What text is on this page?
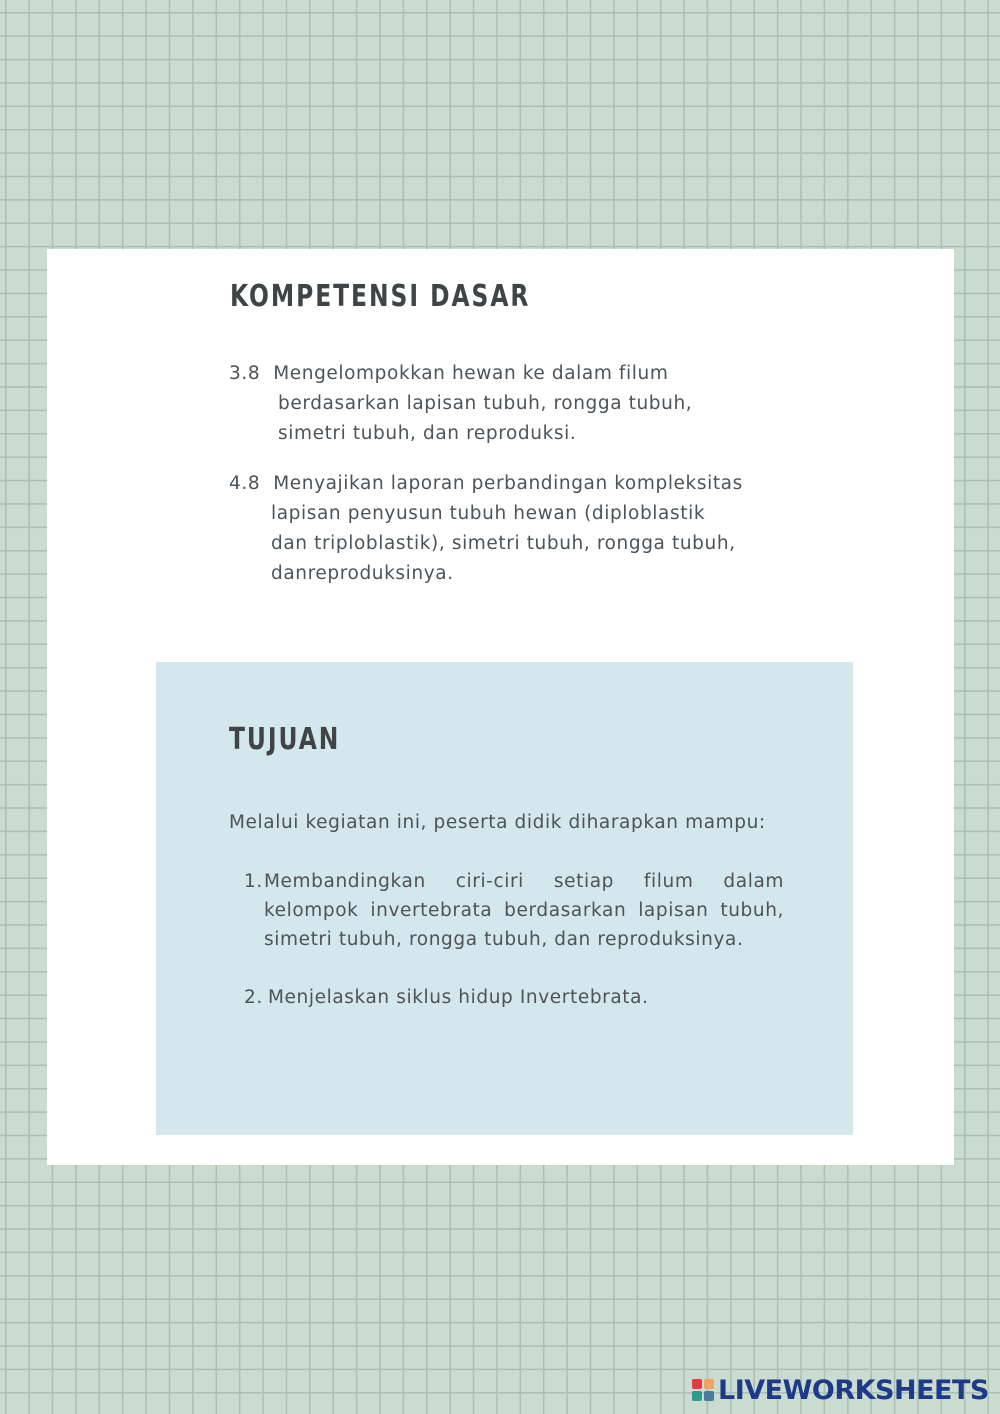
KOMPETENSI DASAR

3.8 Mengelompokkan hewan ke dalam filum
berdasarkan lapisan tubuh, rongga tubuh,
simetri tubuh, dan reproduksi.

4.8 Menyajikan laporan perbandingan kompleksitas
lapisan penyusun tubuh hewan (diploblastik
dan triploblastik), simetri tubuh, rongga tubuh,
danreproduksinya.

TUJUAN

Melalui kegiatan ini, peserta didik diharapkan mampu:

1. Membandingkan ciri-ciri setiap filum dalam kelompok invertebrata berdasarkan lapisan tubuh, simetri tubuh, rongga tubuh, dan reproduksinya.
2. Menjelaskan siklus hidup Invertebrata.
LIVEWORKSHEETS
